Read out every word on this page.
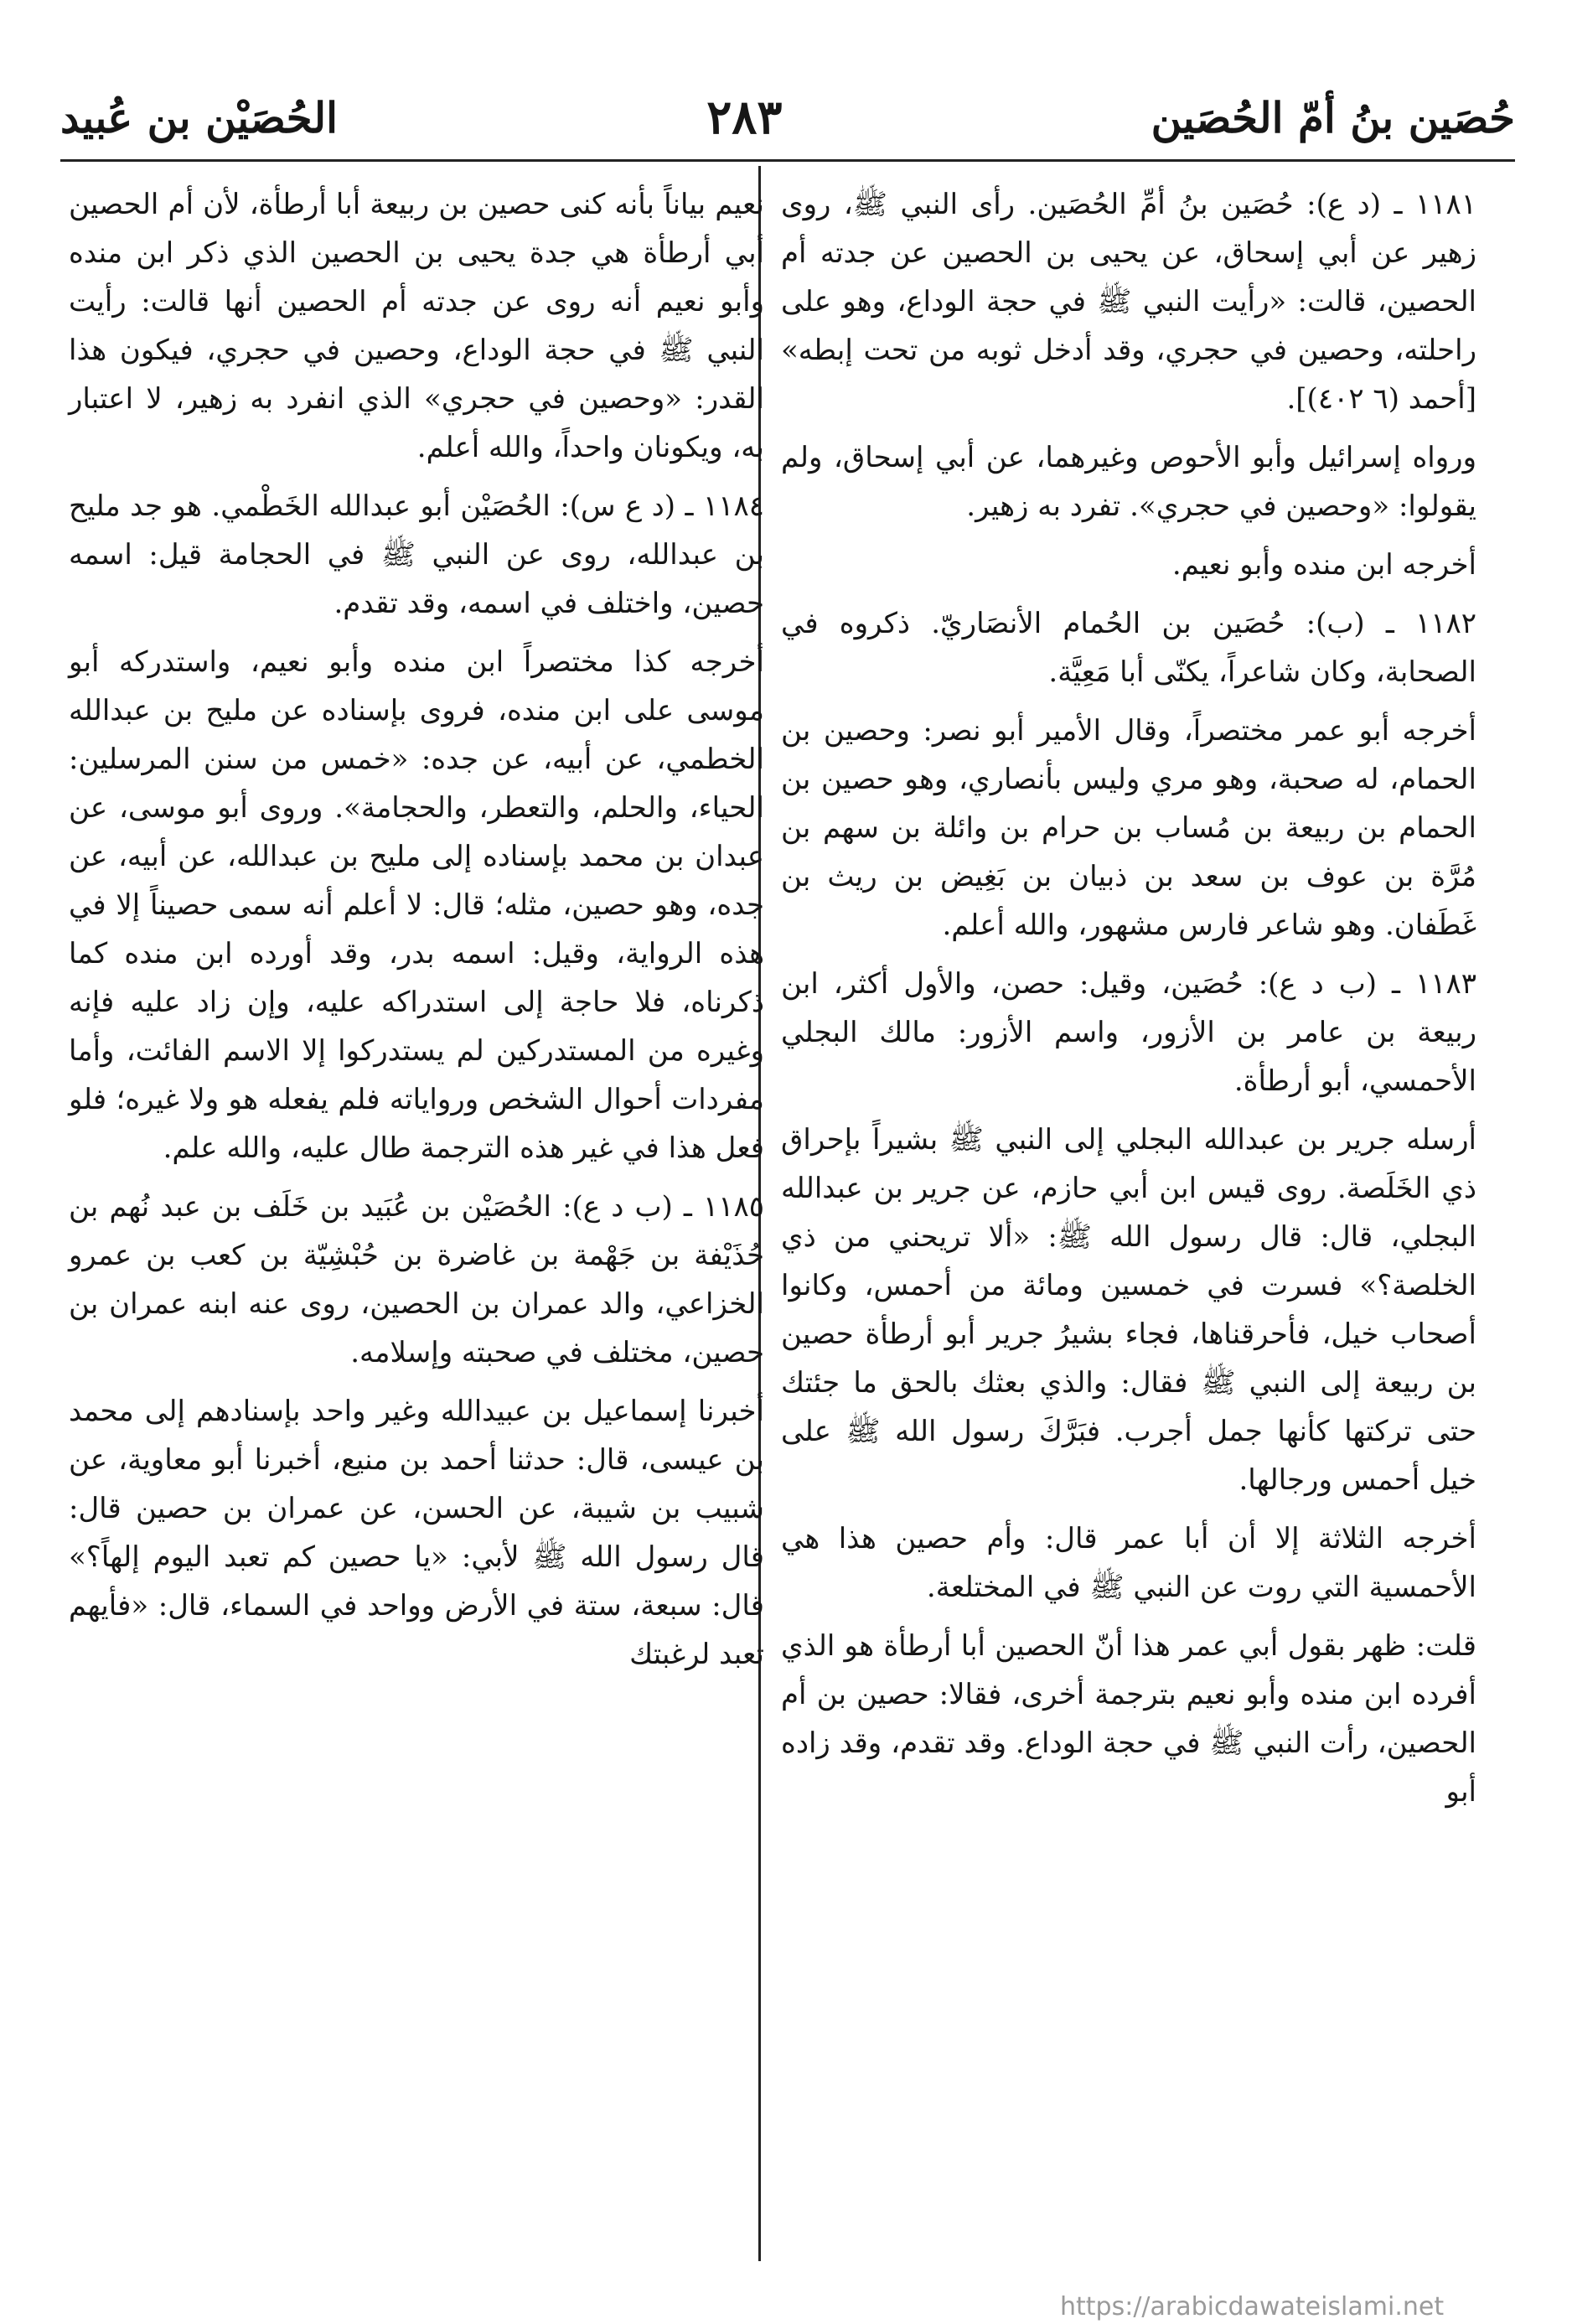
حُصَين بنُ أمّ الحُصَين
٢٨٣
الحُصَيْن بن عُبيد

١١٨١ ـ (د ع): حُصَين بنُ أمِّ الحُصَين. رأى النبي ﷺ، روى زهير عن أبي إسحاق، عن يحيى بن الحصين عن جدته أم الحصين، قالت: «رأيت النبي ﷺ في حجة الوداع، وهو على راحلته، وحصين في حجري، وقد أدخل ثوبه من تحت إبطه» [أحمد (٦ ٤٠٢)].

ورواه إسرائيل وأبو الأحوص وغيرهما، عن أبي إسحاق، ولم يقولوا: «وحصين في حجري». تفرد به زهير.

أخرجه ابن منده وأبو نعيم.

١١٨٢ ـ (ب): حُصَين بن الحُمام الأنصَاريّ. ذكروه في الصحابة، وكان شاعراً، يكنّى أبا مَعِيَّة.

أخرجه أبو عمر مختصراً، وقال الأمير أبو نصر: وحصين بن الحمام، له صحبة، وهو مري وليس بأنصاري، وهو حصين بن الحمام بن ربيعة بن مُساب بن حرام بن وائلة بن سهم بن مُرَّة بن عوف بن سعد بن ذبيان بن بَغِيض بن ريث بن غَطَفان. وهو شاعر فارس مشهور، والله أعلم.

١١٨٣ ـ (ب د ع): حُصَين، وقيل: حصن، والأول أكثر، ابن ربيعة بن عامر بن الأزور، واسم الأزور: مالك البجلي الأحمسي، أبو أرطأة.

أرسله جرير بن عبدالله البجلي إلى النبي ﷺ بشيراً بإحراق ذي الخَلَصة. روى قيس ابن أبي حازم، عن جرير بن عبدالله البجلي، قال: قال رسول الله ﷺ: «ألا تريحني من ذي الخلصة؟» فسرت في خمسين ومائة من أحمس، وكانوا أصحاب خيل، فأحرقناها، فجاء بشيرُ جرير أبو أرطأة حصين بن ربيعة إلى النبي ﷺ فقال: والذي بعثك بالحق ما جئتك حتى تركتها كأنها جمل أجرب. فبَرَّكَ رسول الله ﷺ على خيل أحمس ورجالها.

أخرجه الثلاثة إلا أن أبا عمر قال: وأم حصين هذا هي الأحمسية التي روت عن النبي ﷺ في المختلعة.

قلت: ظهر بقول أبي عمر هذا أنّ الحصين أبا أرطأة هو الذي أفرده ابن منده وأبو نعيم بترجمة أخرى، فقالا: حصين بن أم الحصين، رأت النبي ﷺ في حجة الوداع. وقد تقدم، وقد زاده أبو

نعيم بياناً بأنه كنى حصين بن ربيعة أبا أرطأة، لأن أم الحصين أبي أرطأة هي جدة يحيى بن الحصين الذي ذكر ابن منده وأبو نعيم أنه روى عن جدته أم الحصين أنها قالت: رأيت النبي ﷺ في حجة الوداع، وحصين في حجري، فيكون هذا القدر: «وحصين في حجري» الذي انفرد به زهير، لا اعتبار به، ويكونان واحداً، والله أعلم.

١١٨٤ ـ (د ع س): الحُصَيْن أبو عبدالله الخَطْمي. هو جد مليح بن عبدالله، روى عن النبي ﷺ في الحجامة قيل: اسمه حصين، واختلف في اسمه، وقد تقدم.

أخرجه كذا مختصراً ابن منده وأبو نعيم، واستدركه أبو موسى على ابن منده، فروى بإسناده عن مليح بن عبدالله الخطمي، عن أبيه، عن جده: «خمس من سنن المرسلين: الحياء، والحلم، والتعطر، والحجامة». وروى أبو موسى، عن عبدان بن محمد بإسناده إلى مليح بن عبدالله، عن أبيه، عن جده، وهو حصين، مثله؛ قال: لا أعلم أنه سمى حصيناً إلا في هذه الرواية، وقيل: اسمه بدر، وقد أورده ابن منده كما ذكرناه، فلا حاجة إلى استدراكه عليه، وإن زاد عليه فإنه وغيره من المستدركين لم يستدركوا إلا الاسم الفائت، وأما مفردات أحوال الشخص ورواياته فلم يفعله هو ولا غيره؛ فلو فعل هذا في غير هذه الترجمة طال عليه، والله علم.

١١٨٥ ـ (ب د ع): الحُصَيْن بن عُبَيد بن خَلَف بن عبد نُهم بن حُذَيْفة بن جَهْمة بن غاضرة بن حُبْشِيّة بن كعب بن عمرو الخزاعي، والد عمران بن الحصين، روى عنه ابنه عمران بن حصين، مختلف في صحبته وإسلامه.

أخبرنا إسماعيل بن عبيدالله وغير واحد بإسنادهم إلى محمد بن عيسى، قال: حدثنا أحمد بن منيع، أخبرنا أبو معاوية، عن شبيب بن شيبة، عن الحسن، عن عمران بن حصين قال: قال رسول الله ﷺ لأبي: «يا حصين كم تعبد اليوم إلهاً؟» قال: سبعة، ستة في الأرض وواحد في السماء، قال: «فأيهم تعبد لرغبتك

https://arabicdawateislami.net
